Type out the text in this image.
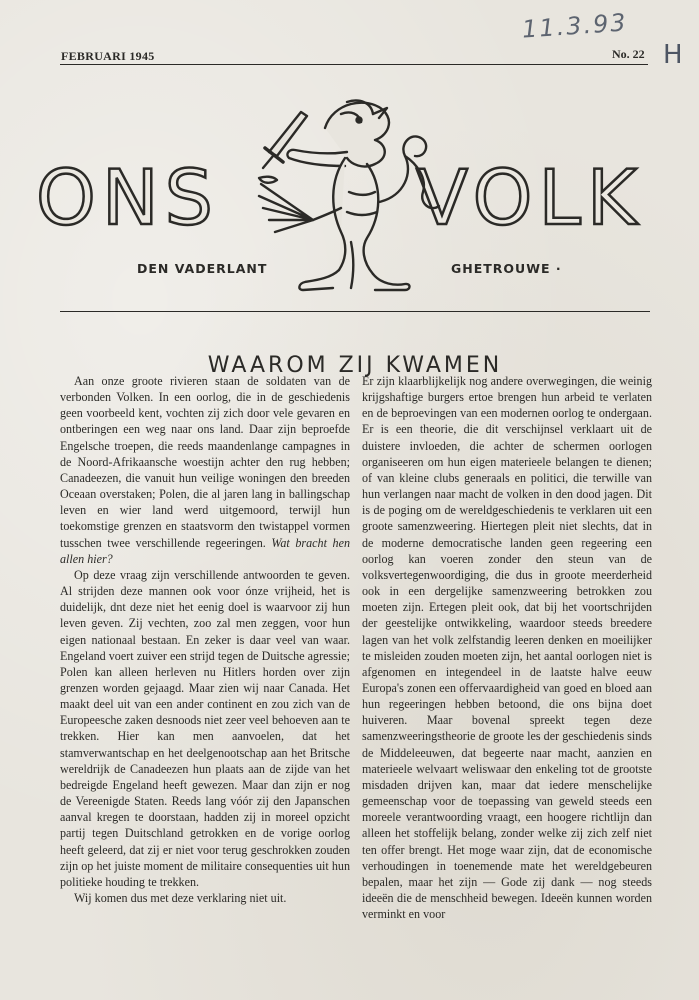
11.3.93
H
FEBRUARI 1945	No. 22
ONS	VOLK
DEN VADERLANT	GHETROUWE ·
WAAROM ZIJ KWAMEN

Aan onze groote rivieren staan de soldaten van de verbonden Volken. In een oorlog, die in de geschiedenis geen voorbeeld kent, vochten zij zich door vele gevaren en ontberingen een weg naar ons land. Daar zijn beproefde Engelsche troepen, die reeds maandenlange campagnes in de Noord-Afrikaansche woestijn achter den rug hebben; Canadeezen, die vanuit hun veilige woningen den breeden Oceaan overstaken; Polen, die al jaren lang in ballingschap leven en wier land werd uitgemoord, terwijl hun toekomstige grenzen en staatsvorm den twistappel vormen tusschen twee verschillende regeeringen. Wat bracht hen allen hier?

Op deze vraag zijn verschillende antwoorden te geven. Al strijden deze mannen ook voor ónze vrijheid, het is duidelijk, dnt deze niet het eenig doel is waarvoor zij hun leven geven. Zij vechten, zoo zal men zeggen, voor hun eigen nationaal bestaan. En zeker is daar veel van waar. Engeland voert zuiver een strijd tegen de Duitsche agressie; Polen kan alleen herleven nu Hitlers horden over zijn grenzen worden gejaagd. Maar zien wij naar Canada. Het maakt deel uit van een ander continent en zou zich van de Europeesche zaken desnoods niet zeer veel behoeven aan te trekken. Hier kan men aanvoelen, dat het stamverwantschap en het deelgenootschap aan het Britsche wereldrijk de Canadeezen hun plaats aan de zijde van het bedreigde Engeland heeft gewezen. Maar dan zijn er nog de Vereenigde Staten. Reeds lang vóór zij den Japanschen aanval kregen te doorstaan, hadden zij in moreel opzicht partij tegen Duitschland getrokken en de vorige oorlog heeft geleerd, dat zij er niet voor terug geschrokken zouden zijn op het juiste moment de militaire consequenties uit hun politieke houding te trekken.

Wij komen dus met deze verklaring niet uit.

Er zijn klaarblijkelijk nog andere overwegingen, die weinig krijgshaftige burgers ertoe brengen hun arbeid te verlaten en de beproevingen van een modernen oorlog te ondergaan. Er is een theorie, die dit verschijnsel verklaart uit de duistere invloeden, die achter de schermen oorlogen organiseeren om hun eigen materieele belangen te dienen; of van kleine clubs generaals en politici, die terwille van hun verlangen naar macht de volken in den dood jagen. Dit is de poging om de wereldgeschiedenis te verklaren uit een groote samenzweering. Hiertegen pleit niet slechts, dat in de moderne democratische landen geen regeering een oorlog kan voeren zonder den steun van de volksvertegenwoordiging, die dus in groote meerderheid ook in een dergelijke samenzweering betrokken zou moeten zijn. Ertegen pleit ook, dat bij het voortschrijden der geestelijke ontwikkeling, waardoor steeds breedere lagen van het volk zelfstandig leeren denken en moeilijker te misleiden zouden moeten zijn, het aantal oorlogen niet is afgenomen en integendeel in de laatste halve eeuw Europa's zonen een offervaardigheid van goed en bloed aan hun regeeringen hebben betoond, die ons bijna doet huiveren. Maar bovenal spreekt tegen deze samenzweeringstheorie de groote les der geschiedenis sinds de Middeleeuwen, dat begeerte naar macht, aanzien en materieele welvaart weliswaar den enkeling tot de grootste misdaden drijven kan, maar dat iedere menschelijke gemeenschap voor de toepassing van geweld steeds een moreele verantwoording vraagt, een hoogere richtlijn dan alleen het stoffelijk belang, zonder welke zij zich zelf niet ten offer brengt. Het moge waar zijn, dat de economische verhoudingen in toenemende mate het wereldgebeuren bepalen, maar het zijn — Gode zij dank — nog steeds ideeën die de menschheid bewegen. Ideeën kunnen worden verminkt en voor
